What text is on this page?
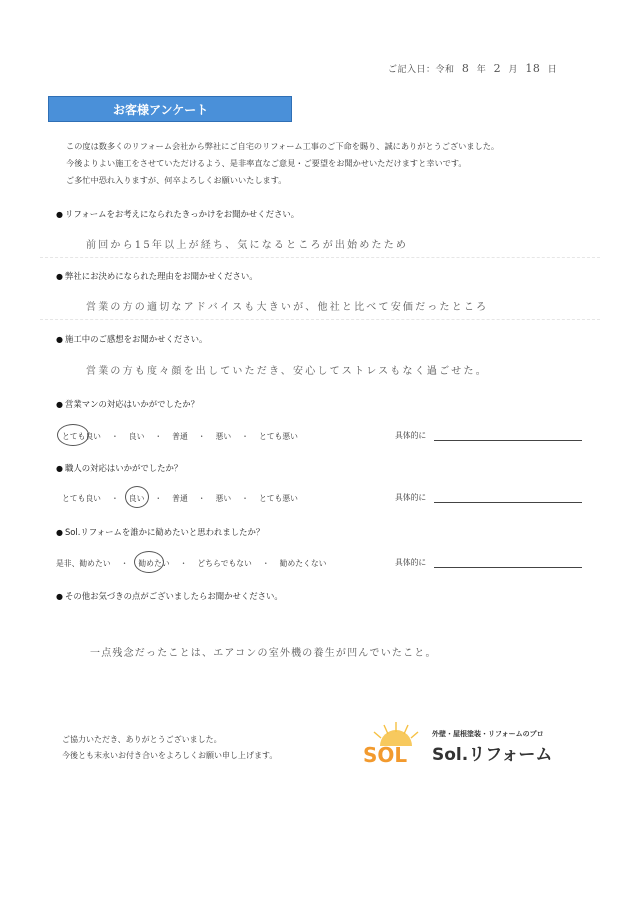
ご記入日：令和 8 年 2 月 18 日
お客様アンケート
この度は数多くのリフォーム会社から弊社にご自宅のリフォーム工事のご下命を賜り、誠にありがとうございました。
今後よりよい施工をさせていただけるよう、是非率直なご意見・ご要望をお聞かせいただけますと幸いです。
ご多忙中恐れ入りますが、何卒よろしくお願いいたします。
● リフォームをお考えになられたきっかけをお聞かせください。
前回から15年以上が経ち、気になるところが出始めたため
● 弊社にお決めになられた理由をお聞かせください。
営業の方の適切なアドバイスも大きいが、他社と比べて安価だったところ
● 施工中のご感想をお聞かせください。
営業の方も度々顔を出していただき、安心してストレスもなく過ごせた。
● 営業マンの対応はいかがでしたか？
とても良い ・ 良い ・ 普通 ・ 悪い ・ とても悪い	具体的に
● 職人の対応はいかがでしたか？
とても良い ・ 良い ・ 普通 ・ 悪い ・ とても悪い	具体的に
● Sol.リフォームを誰かに勧めたいと思われましたか？
是非、勧めたい ・ 勧めたい ・ どちらでもない ・ 勧めたくない	具体的に
● その他お気づきの点がございましたらお聞かせください。
一点残念だったことは、エアコンの室外機の養生が凹んでいたこと。
ご協力いただき、ありがとうございました。
今後とも末永いお付き合いをよろしくお願い申し上げます。	SOL
外壁・屋根塗装・リフォームのプロ
Sol.リフォーム
